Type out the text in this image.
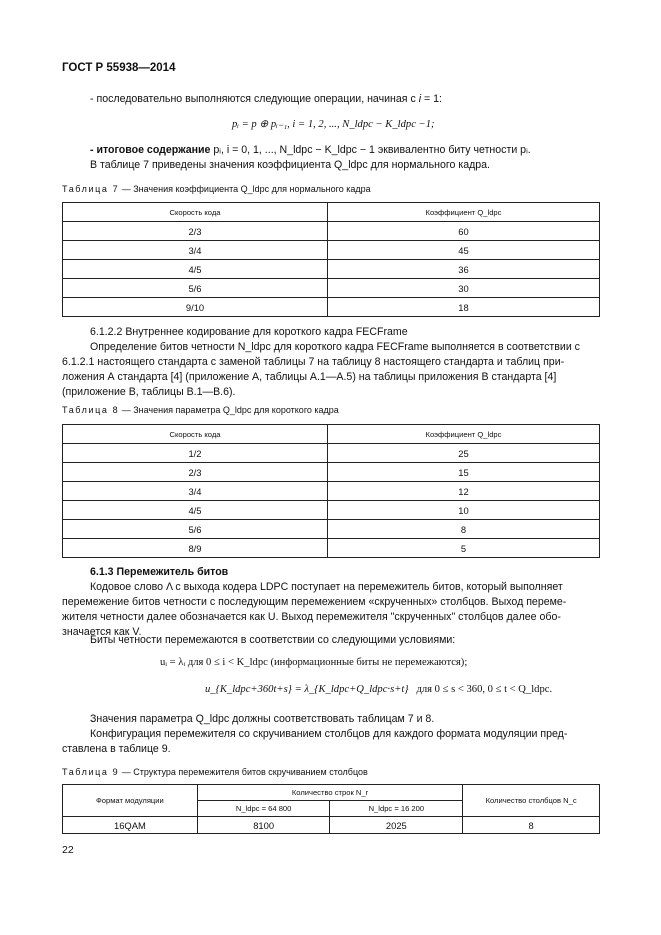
ГОСТ Р 55938—2014
- последовательно выполняются следующие операции, начиная с i = 1:
pᵢ = p ⊕ pᵢ₋₁, i = 1, 2, ..., N_ldpc − K_ldpc −1;
- итоговое содержание pᵢ, i = 0, 1, ..., N_ldpc − K_ldpc − 1 эквивалентно биту четности pᵢ.
В таблице 7 приведены значения коэффициента Q_ldpc для нормального кадра.
Таблица 7 — Значения коэффициента Q_ldpc для нормального кадра
Скорость кода	Коэффициент Q_ldpc
2/3	60
3/4	45
4/5	36
5/6	30
9/10	18
6.1.2.2 Внутреннее кодирование для короткого кадра FECFrame
Определение битов четности N_ldpc для короткого кадра FECFrame выполняется в соответствии с
6.1.2.1 настоящего стандарта с заменой таблицы 7 на таблицу 8 настоящего стандарта и таблиц при-
ложения А стандарта [4] (приложение А, таблицы А.1—А.5) на таблицы приложения В стандарта [4]
(приложение В, таблицы В.1—В.6).
Таблица 8 — Значения параметра Q_ldpc для короткого кадра
Скорость кода	Коэффициент Q_ldpc
1/2	25
2/3	15
3/4	12
4/5	10
5/6	8
8/9	5
6.1.3 Перемежитель битов
Кодовое слово Λ с выхода кодера LDPC поступает на перемежитель битов, который выполняет
перемежение битов четности с последующим перемежением «скрученных» столбцов. Выход переме-
жителя четности далее обозначается как U. Выход перемежителя "скрученных" столбцов далее обо-
значается как V.
Биты четности перемежаются в соответствии со следующими условиями:
uᵢ = λᵢ для 0 ≤ i < K_ldpc (информационные биты не перемежаются);
u_{K_ldpc+360t+s} = λ_{K_ldpc+Q_ldpc·s+t} для 0 ≤ s < 360, 0 ≤ t < Q_ldpc.
Значения параметра Q_ldpc должны соответствовать таблицам 7 и 8.
Конфигурация перемежителя со скручиванием столбцов для каждого формата модуляции пред-
ставлена в таблице 9.
Таблица 9 — Структура перемежителя битов скручиванием столбцов
Формат модуляции	Количество строк N_r		Количество столбцов N_c
	N_ldpc = 64 800	N_ldpc = 16 200	
16QAM	8100	2025	8
22
